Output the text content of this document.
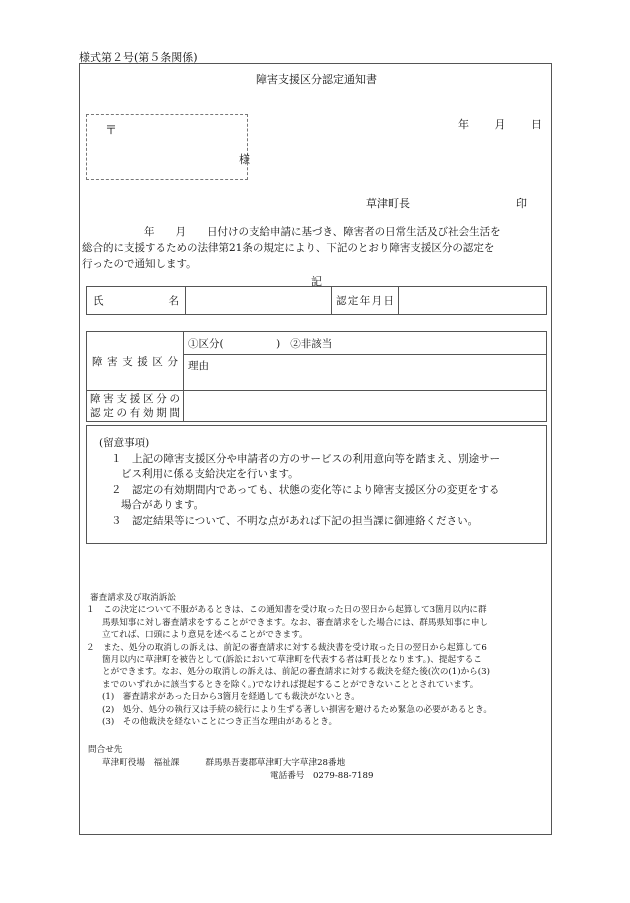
様式第２号(第５条関係)
障害支援区分認定通知書
〒
様
年 月 日
草津町長	印
年　　月　　日付けの支給申請に基づき、障害者の日常生活及び社会生活を
総合的に支援するための法律第21条の規定により、下記のとおり障害支援区分の認定を
行ったので通知します。
記
氏名		認定年月日	
障害支援区分	①区分(　　　　　) ②非該当
	理由

障害支援区分の
認定の有効期間	

(留意事項)

１　上記の障害支援区分や申請者の方のサービスの利用意向等を踏まえ、別途サー

ビス利用に係る支給決定を行います。

２　認定の有効期間内であっても、状態の変化等により障害支援区分の変更をする

場合があります。

３　認定結果等について、不明な点があれば下記の担当課に御連絡ください。

審査請求及び取消訴訟

１　この決定について不服があるときは、この通知書を受け取った日の翌日から起算して3箇月以内に群

馬県知事に対し審査請求をすることができます。なお、審査請求をした場合には、群馬県知事に申し

立てれば、口頭により意見を述べることができます。

２　また、処分の取消しの訴えは、前記の審査請求に対する裁決書を受け取った日の翌日から起算して6

箇月以内に草津町を被告として(訴訟において草津町を代表する者は町長となります。)、提起するこ

とができます。なお、処分の取消しの訴えは、前記の審査請求に対する裁決を経た後(次の(1)から(3)

までのいずれかに該当するときを除く。)でなければ提起することができないこととされています。

(1)　審査請求があった日から3箇月を経過しても裁決がないとき。

(2)　処分、処分の執行又は手続の続行により生ずる著しい損害を避けるため緊急の必要があるとき。

(3)　その他裁決を経ないことにつき正当な理由があるとき。

問合せ先

草津町役場　福祉課	群馬県吾妻郡草津町大字草津28番地

電話番号　0279-88-7189
